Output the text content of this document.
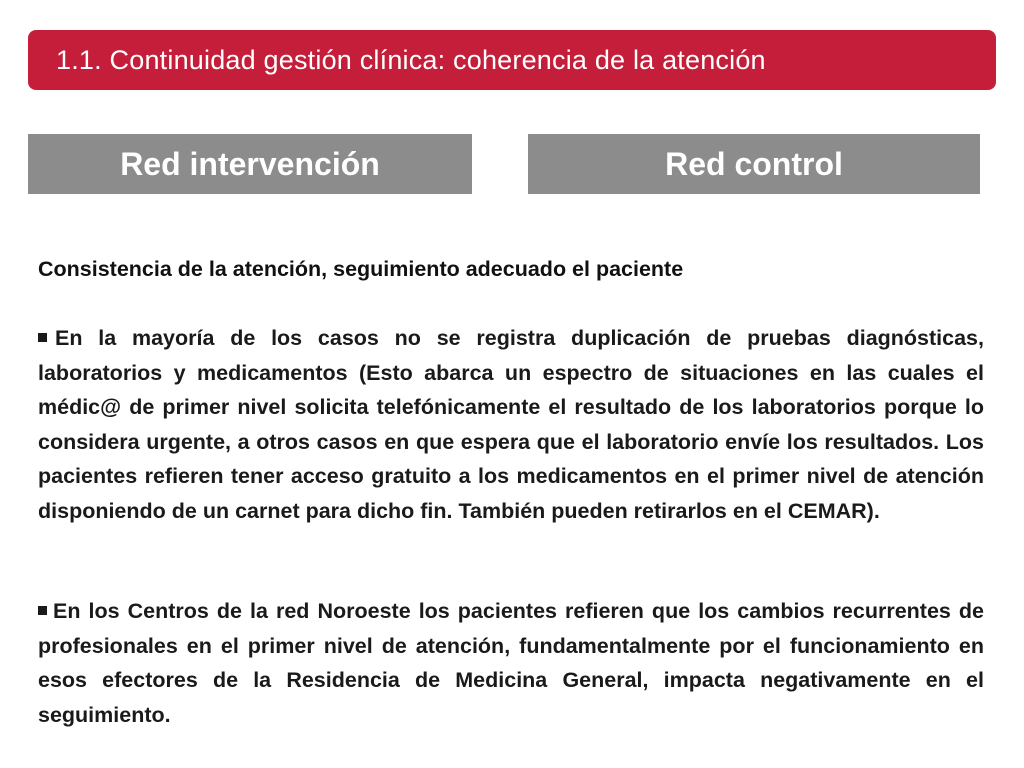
1.1. Continuidad gestión clínica: coherencia de la atención
Red intervención	Red control
Consistencia de la atención, seguimiento adecuado el paciente
En la mayoría de los casos no se registra duplicación de pruebas diagnósticas, laboratorios y medicamentos (Esto abarca un espectro de situaciones en las cuales el médic@ de primer nivel solicita telefónicamente el resultado de los laboratorios porque lo considera urgente, a otros casos en que espera que el laboratorio envíe los resultados. Los pacientes refieren tener acceso gratuito a los medicamentos en el primer nivel de atención disponiendo de un carnet para dicho fin. También pueden retirarlos en el CEMAR).
En los Centros de la red Noroeste los pacientes refieren que los cambios recurrentes de profesionales en el primer nivel de atención, fundamentalmente por el funcionamiento en esos efectores de la Residencia de Medicina General, impacta negativamente en el seguimiento.
